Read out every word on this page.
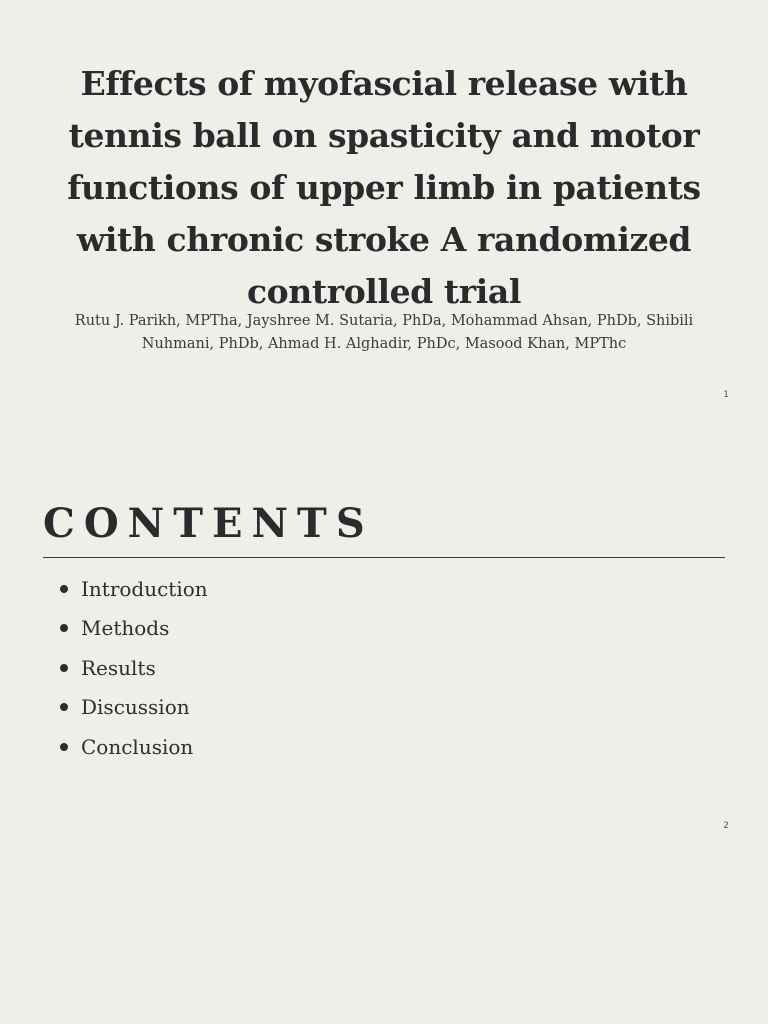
Effects of myofascial release with tennis ball on spasticity and motor functions of upper limb in patients with chronic stroke A randomized controlled trial

Rutu J. Parikh, MPTha, Jayshree M. Sutaria, PhDa, Mohammad Ahsan, PhDb, Shibili Nuhmani, PhDb, Ahmad H. Alghadir, PhDc, Masood Khan, MPThc

1
CONTENTS
Introduction
Methods
Results
Discussion
Conclusion
2
